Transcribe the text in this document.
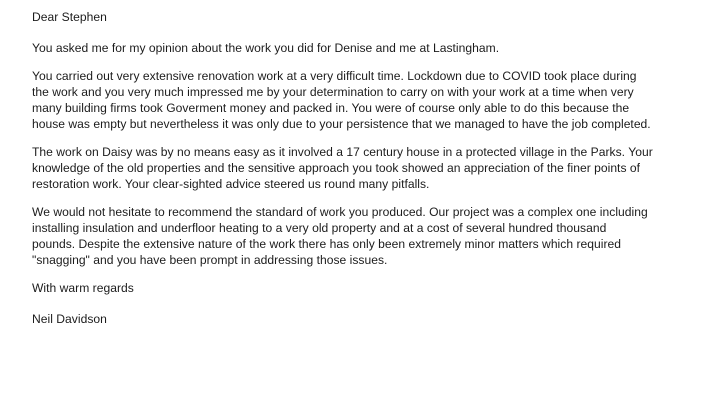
Dear Stephen

You asked me for my opinion about the work you did for Denise and me at Lastingham.

You carried out very extensive renovation work at a very difficult time. Lockdown due to COVID took place during
the work and you very much impressed me by your determination to carry on with your work at a time when very
many building firms took Goverment money and packed in. You were of course only able to do this because the
house was empty but nevertheless it was only due to your persistence that we managed to have the job completed.

The work on Daisy was by no means easy as it involved a 17 century house in a protected village in the Parks. Your
knowledge of the old properties and the sensitive approach you took showed an appreciation of the finer points of
restoration work. Your clear-sighted advice steered us round many pitfalls.

We would not hesitate to recommend the standard of work you produced. Our project was a complex one including
installing insulation and underfloor heating to a very old property and at a cost of several hundred thousand
pounds. Despite the extensive nature of the work there has only been extremely minor matters which required
"snagging" and you have been prompt in addressing those issues.

With warm regards

Neil Davidson
